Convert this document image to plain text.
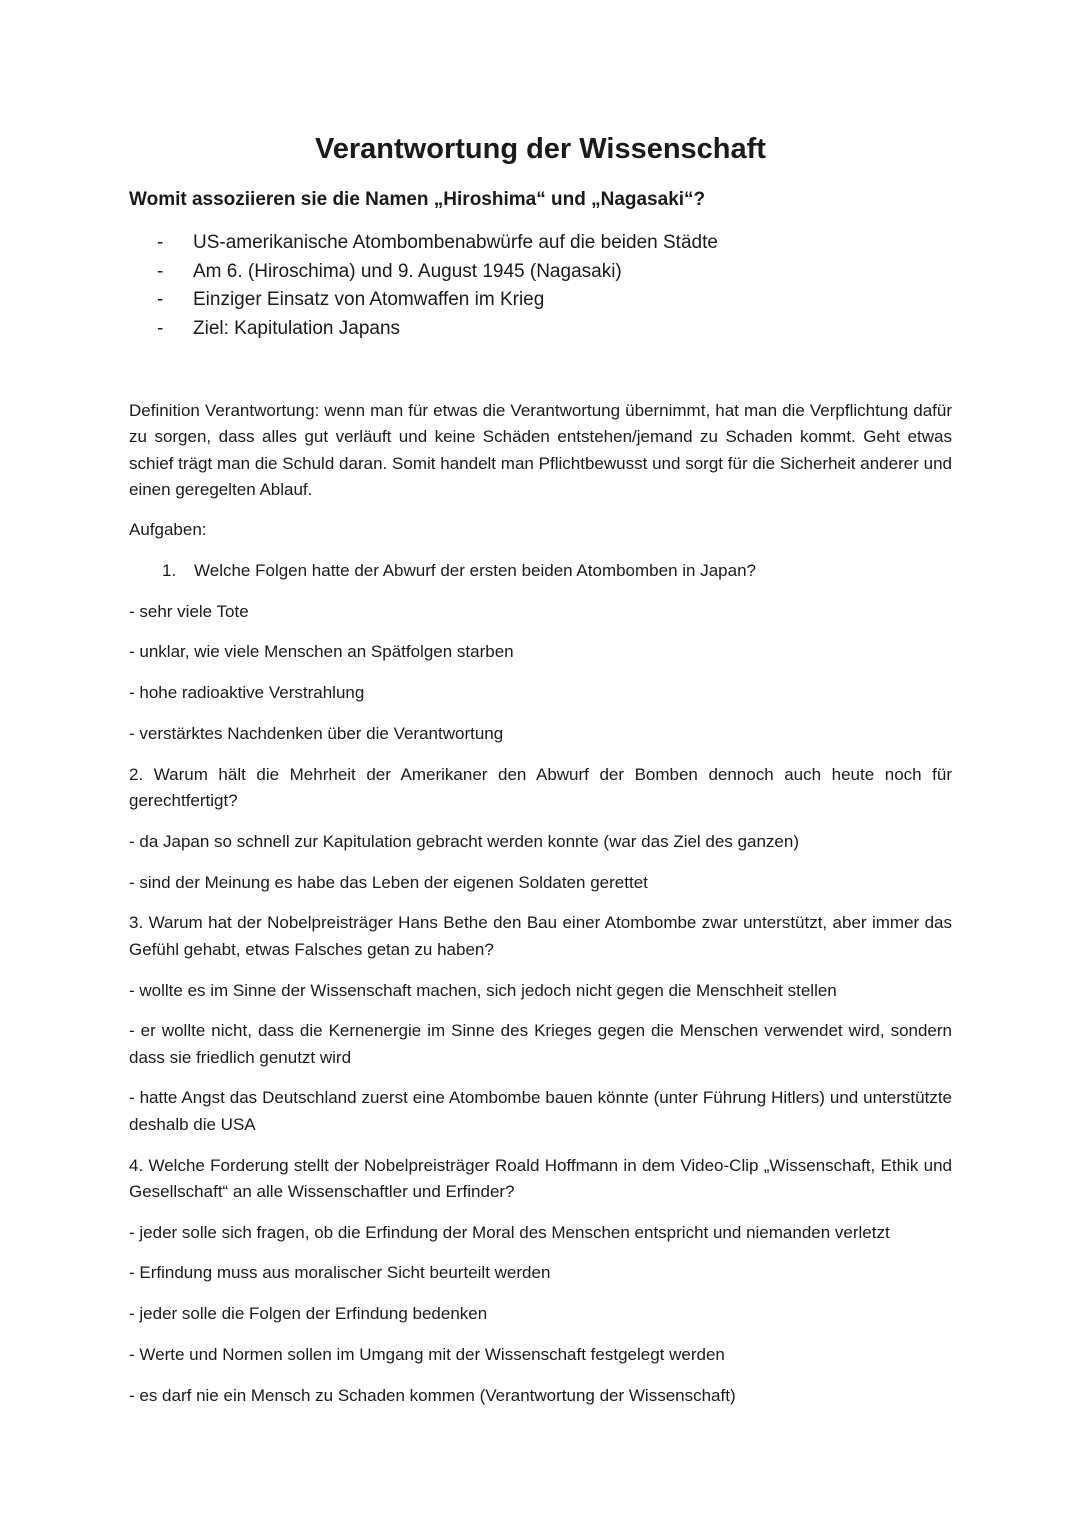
Verantwortung der Wissenschaft
Womit assoziieren sie die Namen „Hiroshima“ und „Nagasaki“?
- US-amerikanische Atombombenabwürfe auf die beiden Städte
- Am 6. (Hiroschima) und 9. August 1945 (Nagasaki)
- Einziger Einsatz von Atomwaffen im Krieg
- Ziel: Kapitulation Japans

Definition Verantwortung: wenn man für etwas die Verantwortung übernimmt, hat man die Verpflichtung dafür zu sorgen, dass alles gut verläuft und keine Schäden entstehen/jemand zu Schaden kommt. Geht etwas schief trägt man die Schuld daran. Somit handelt man Pflichtbewusst und sorgt für die Sicherheit anderer und einen geregelten Ablauf.

Aufgaben:

1. Welche Folgen hatte der Abwurf der ersten beiden Atombomben in Japan?

- sehr viele Tote

- unklar, wie viele Menschen an Spätfolgen starben

- hohe radioaktive Verstrahlung

- verstärktes Nachdenken über die Verantwortung

2. Warum hält die Mehrheit der Amerikaner den Abwurf der Bomben dennoch auch heute noch für gerechtfertigt?

- da Japan so schnell zur Kapitulation gebracht werden konnte (war das Ziel des ganzen)

- sind der Meinung es habe das Leben der eigenen Soldaten gerettet

3. Warum hat der Nobelpreisträger Hans Bethe den Bau einer Atombombe zwar unterstützt, aber immer das Gefühl gehabt, etwas Falsches getan zu haben?

- wollte es im Sinne der Wissenschaft machen, sich jedoch nicht gegen die Menschheit stellen

- er wollte nicht, dass die Kernenergie im Sinne des Krieges gegen die Menschen verwendet wird, sondern dass sie friedlich genutzt wird

- hatte Angst das Deutschland zuerst eine Atombombe bauen könnte (unter Führung Hitlers) und unterstützte deshalb die USA

4. Welche Forderung stellt der Nobelpreisträger Roald Hoffmann in dem Video-Clip „Wissenschaft, Ethik und Gesellschaft“ an alle Wissenschaftler und Erfinder?

- jeder solle sich fragen, ob die Erfindung der Moral des Menschen entspricht und niemanden verletzt

- Erfindung muss aus moralischer Sicht beurteilt werden

- jeder solle die Folgen der Erfindung bedenken

- Werte und Normen sollen im Umgang mit der Wissenschaft festgelegt werden

- es darf nie ein Mensch zu Schaden kommen (Verantwortung der Wissenschaft)
